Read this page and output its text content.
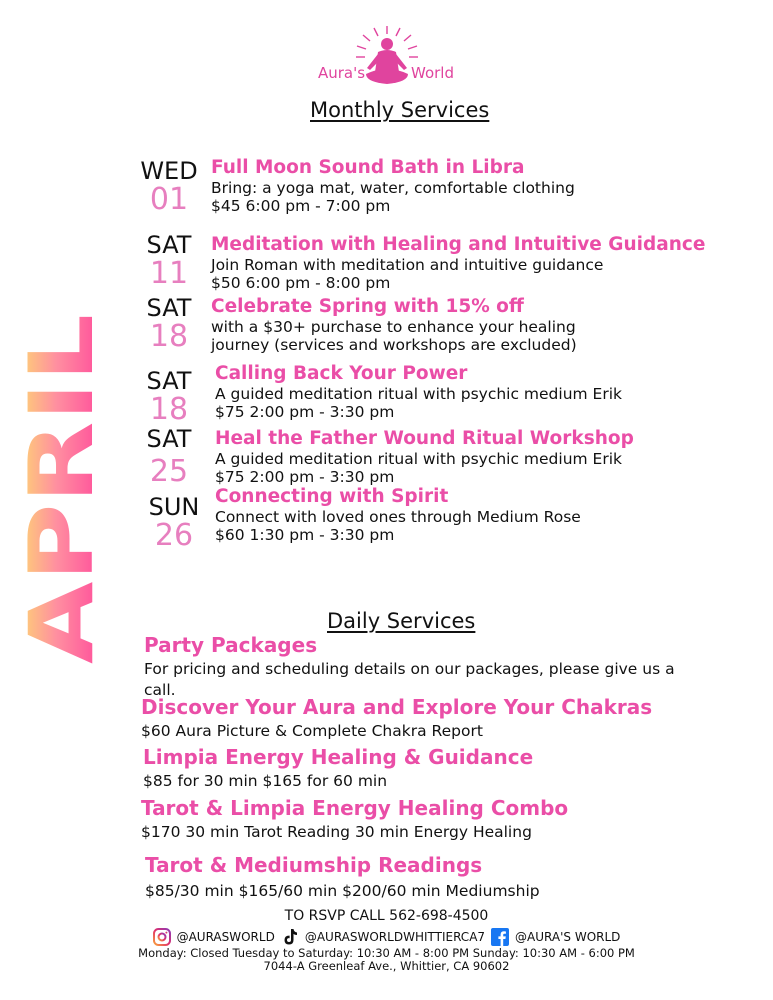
Aura's	World
APRIL
Monthly Services
WED
01
Full Moon Sound Bath in Libra
Bring: a yoga mat, water, comfortable clothing
$45 6:00 pm - 7:00 pm
SAT
11
Meditation with Healing and Intuitive Guidance
Join Roman with meditation and intuitive guidance
$50 6:00 pm - 8:00 pm
SAT
18
Celebrate Spring with 15% off
with a $30+ purchase to enhance your healing
journey (services and workshops are excluded)
SAT
18
Calling Back Your Power
A guided meditation ritual with psychic medium Erik
$75 2:00 pm - 3:30 pm
SAT
25
Heal the Father Wound Ritual Workshop
A guided meditation ritual with psychic medium Erik
$75 2:00 pm - 3:30 pm
SUN
26
Connecting with Spirit
Connect with loved ones through Medium Rose
$60 1:30 pm - 3:30 pm
Daily Services
Party Packages
For pricing and scheduling details on our packages, please give us a call.
Discover Your Aura and Explore Your Chakras
$60 Aura Picture & Complete Chakra Report
Limpia Energy Healing & Guidance
$85 for 30 min $165 for 60 min
Tarot & Limpia Energy Healing Combo
$170 30 min Tarot Reading 30 min Energy Healing
Tarot & Mediumship Readings
$85/30 min $165/60 min $200/60 min Mediumship
TO RSVP CALL 562-698-4500
@AURASWORLD	@AURASWORLDWHITTIERCA7	@AURA'S WORLD
Monday: Closed Tuesday to Saturday: 10:30 AM - 8:00 PM Sunday: 10:30 AM - 6:00 PM
7044-A Greenleaf Ave., Whittier, CA 90602
